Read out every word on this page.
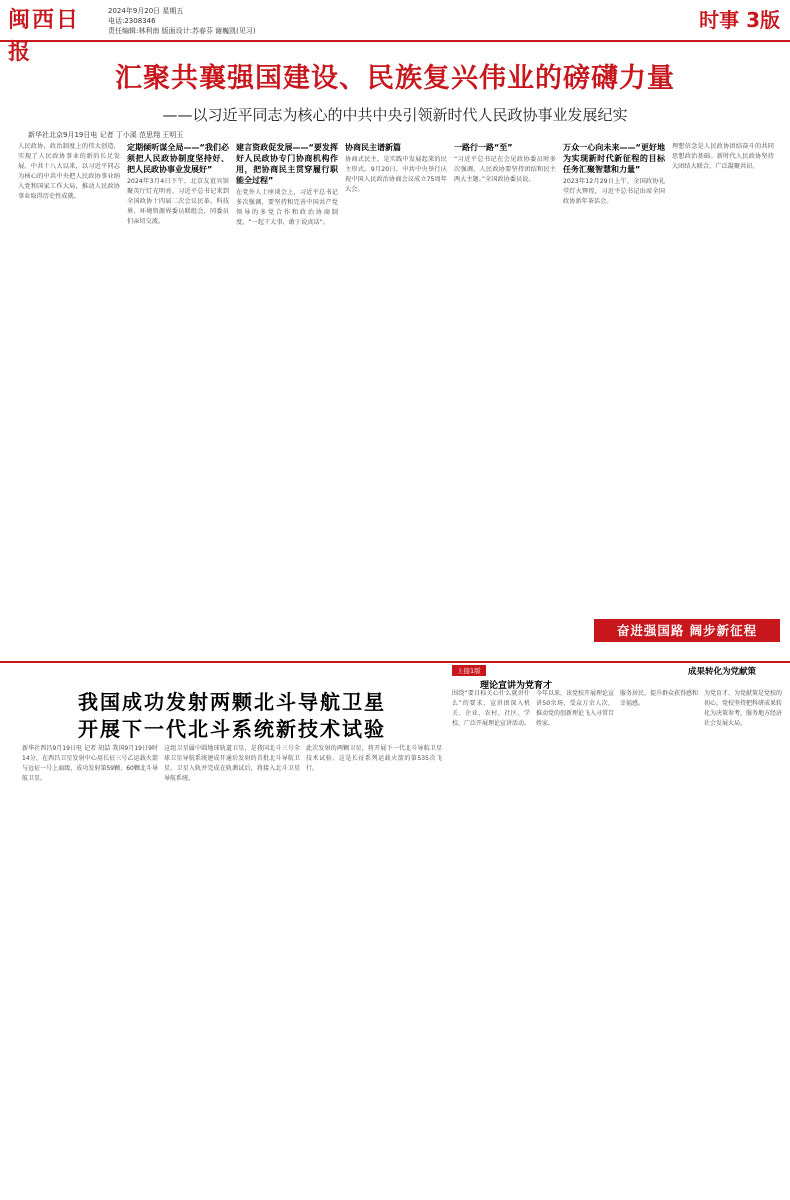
闽西日报
2024年9月20日 星期五
电话:2308346
责任编辑:林利南 版面设计:苏春芬 谢巍凯(见习)	时事 3版
汇聚共襄强国建设、民族复兴伟业的磅礴力量
——以习近平同志为核心的中共中央引领新时代人民政协事业发展纪实
新华社北京9月19日电 记者 丁小溪 范思翔 王明玉

人民政协，政治制度上的伟大创造，实现了人民政协事业的新的长足发展。中共十八大以来，以习近平同志为核心的中共中央把人民政协事业纳入党和国家工作大局，推动人民政协事业取得历史性成就。

定期倾听谋全局——“我们必须把人民政协制度坚持好、把人民政协事业发展好”

2024年3月4日下午，北京友谊宾馆聚英厅灯光明亮。习近平总书记来到全国政协十四届二次会议民革、科技界、环境资源界委员联组会，同委员们亲切交流。

建言资政促发展——“要发挥好人民政协专门协商机构作用，把协商民主贯穿履行职能全过程”

在党外人士座谈会上，习近平总书记多次强调，要坚持和完善中国共产党领导的多党合作和政治协商制度。“一起干大事、敢于说真话”。

协商民主谱新篇

协商式民主，是实践中发展起来的民主形式。9月20日，中共中央举行庆祝中国人民政治协商会议成立75周年大会。

一路行一路“至”

“习近平总书记在会见政协委员时多次强调，人民政协要坚持团结和民主两大主题。”全国政协委员说。

万众一心向未来——“更好地为实现新时代新征程的目标任务汇聚智慧和力量”

2023年12月29日上午，全国政协礼堂灯火辉煌，习近平总书记出席全国政协新年茶话会。

理想信念是人民政协团结奋斗的共同思想政治基础。新时代人民政协坚持大团结大联合，广泛凝聚共识。

奋进强国路 阔步新征程
我国成功发射两颗北斗导航卫星
开展下一代北斗系统新技术试验

新华社西昌9月19日电 记者 胡喆 我国9月19日9时14分，在西昌卫星发射中心用长征三号乙运载火箭与远征一号上面级，成功发射第59颗、60颗北斗导航卫星。

这组卫星属中圆地球轨道卫星，是我国北斗三号全球卫星导航系统建成开通后发射的首批北斗导航卫星。卫星入轨并完成在轨测试后，将接入北斗卫星导航系统。

此次发射的两颗卫星，将开展下一代北斗导航卫星技术试验。这是长征系列运载火箭的第535次飞行。

上接1版
理论宣讲为党育才
成果转化为党献策

围绕“要目标关心什么就讲什么”的要求，宣讲团深入机关、企业、农村、社区、学校，广泛开展理论宣讲活动。

今年以来，该党校开展理论宣讲50余场，受众万余人次，推动党的创新理论飞入寻常百姓家。

服务居民，提升群众获得感和幸福感。

为党育才、为党献策是党校的初心，党校坚持把科研成果转化为决策参考，服务地方经济社会发展大局。
